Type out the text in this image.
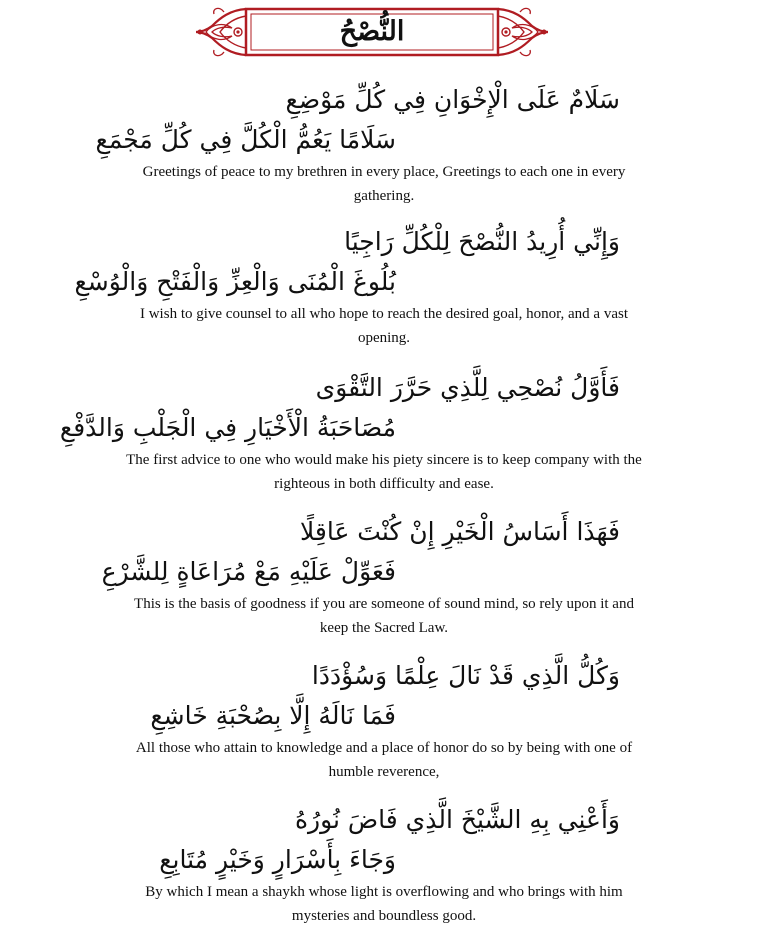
النُّصْحُ
سَلَامٌ عَلَى الْإِخْوَانِ فِي كُلِّ مَوْضِعِ
سَلَامًا يَعُمُّ الْكُلَّ فِي كُلِّ مَجْمَعِ
Greetings of peace to my brethren in every place, Greetings to each one in every gathering.
وَإِنِّي أُرِيدُ النُّصْحَ لِلْكُلِّ رَاجِيًا
بُلُوغَ الْمُنَى وَالْعِزِّ وَالْفَتْحِ وَالْوُسْعِ
I wish to give counsel to all who hope to reach the desired goal, honor, and a vast opening.
فَأَوَّلُ نُصْحِي لِلَّذِي حَرَّرَ التَّقْوَى
مُصَاحَبَةُ الْأَخْيَارِ فِي الْجَلْبِ وَالدَّفْعِ
The first advice to one who would make his piety sincere is to keep company with the righteous in both difficulty and ease.
فَهَذَا أَسَاسُ الْخَيْرِ إِنْ كُنْتَ عَاقِلًا
فَعَوِّلْ عَلَيْهِ مَعْ مُرَاعَاةٍ لِلشَّرْعِ
This is the basis of goodness if you are someone of sound mind, so rely upon it and keep the Sacred Law.
وَكُلُّ الَّذِي قَدْ نَالَ عِلْمًا وَسُؤْدَدًا
فَمَا نَالَهُ إِلَّا بِصُحْبَةِ خَاشِعِ
All those who attain to knowledge and a place of honor do so by being with one of humble reverence,
وَأَعْنِي بِهِ الشَّيْخَ الَّذِي فَاضَ نُورُهُ
وَجَاءَ بِأَسْرَارٍ وَخَيْرٍ مُتَابِعِ
By which I mean a shaykh whose light is overflowing and who brings with him mysteries and boundless good.
